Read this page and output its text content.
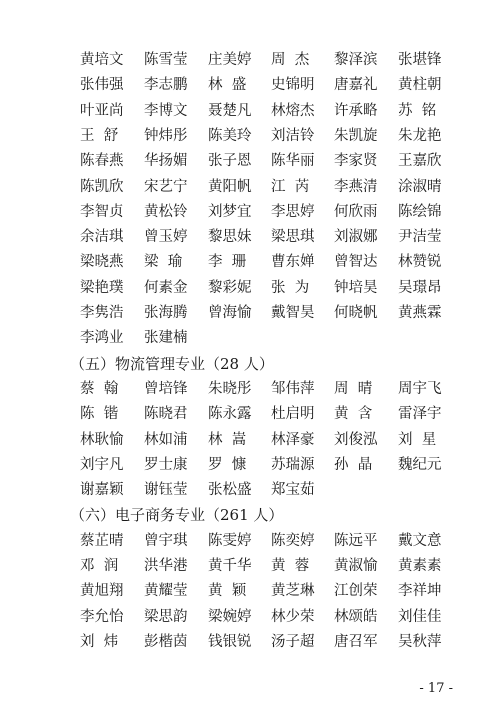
黄培文	陈雪莹	庄美婷	周  杰	黎泽滨	张堪锋
张伟强	李志鹏	林  盛	史锦明	唐嘉礼	黄柱朝
叶亚尚	李博文	聂楚凡	林熔杰	许承略	苏  铭
王  舒	钟炜彤	陈美玲	刘洁铃	朱凯旋	朱龙艳
陈春燕	华扬媚	张子恩	陈华丽	李家贤	王嘉欣
陈凯欣	宋艺宁	黄阳帆	江  芮	李燕清	涂淑晴
李智贞	黄松铃	刘梦宜	李思婷	何欣雨	陈绘锦
余洁琪	曾玉婷	黎思妹	梁思琪	刘淑娜	尹洁莹
梁晓燕	梁  瑜	李  珊	曹东婵	曾智达	林赞锐
梁艳璞	何素金	黎彩妮	张  为	钟培昊	吴璟昂
李隽浩	张海腾	曾海愉	戴智昊	何晓帆	黄燕霖
李鸿业	张建楠
（五）物流管理专业（28 人）
蔡  翰	曾培锋	朱晓彤	邹伟萍	周  晴	周宇飞
陈  锴	陈晓君	陈永露	杜启明	黄  含	雷泽宇
林耿愉	林如浦	林  嵩	林泽豪	刘俊泓	刘  星
刘宇凡	罗士康	罗  慷	苏瑞源	孙  晶	魏纪元
谢嘉颖	谢钰莹	张松盛	郑宝茹
（六）电子商务专业（261 人）
蔡芷晴	曾宇琪	陈雯婷	陈奕婷	陈远平	戴文意
邓  润	洪华港	黄千华	黄  蓉	黄淑愉	黄素素
黄旭翔	黄耀莹	黄  颖	黄芝琳	江创荣	李祥坤
李允怡	梁思韵	梁婉婷	林少荣	林颂皓	刘佳佳
刘  炜	彭楷茵	钱银锐	汤子超	唐召军	吴秋萍
- 17 -
